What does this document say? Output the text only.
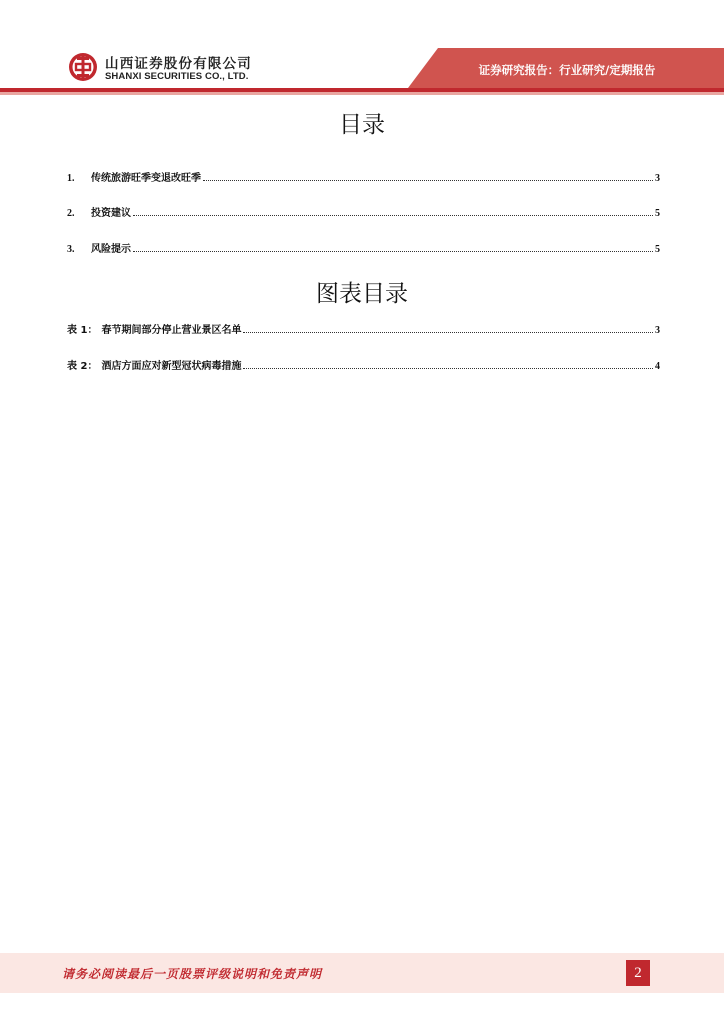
山西证券股份有限公司
SHANXI SECURITIES CO., LTD.	证券研究报告：行业研究/定期报告
目录
1.	传统旅游旺季变退改旺季	3
2.	投资建议	5
3.	风险提示	5
图表目录
表 1： 春节期间部分停止营业景区名单	3
表 2： 酒店方面应对新型冠状病毒措施	4
请务必阅读最后一页股票评级说明和免责声明	2
